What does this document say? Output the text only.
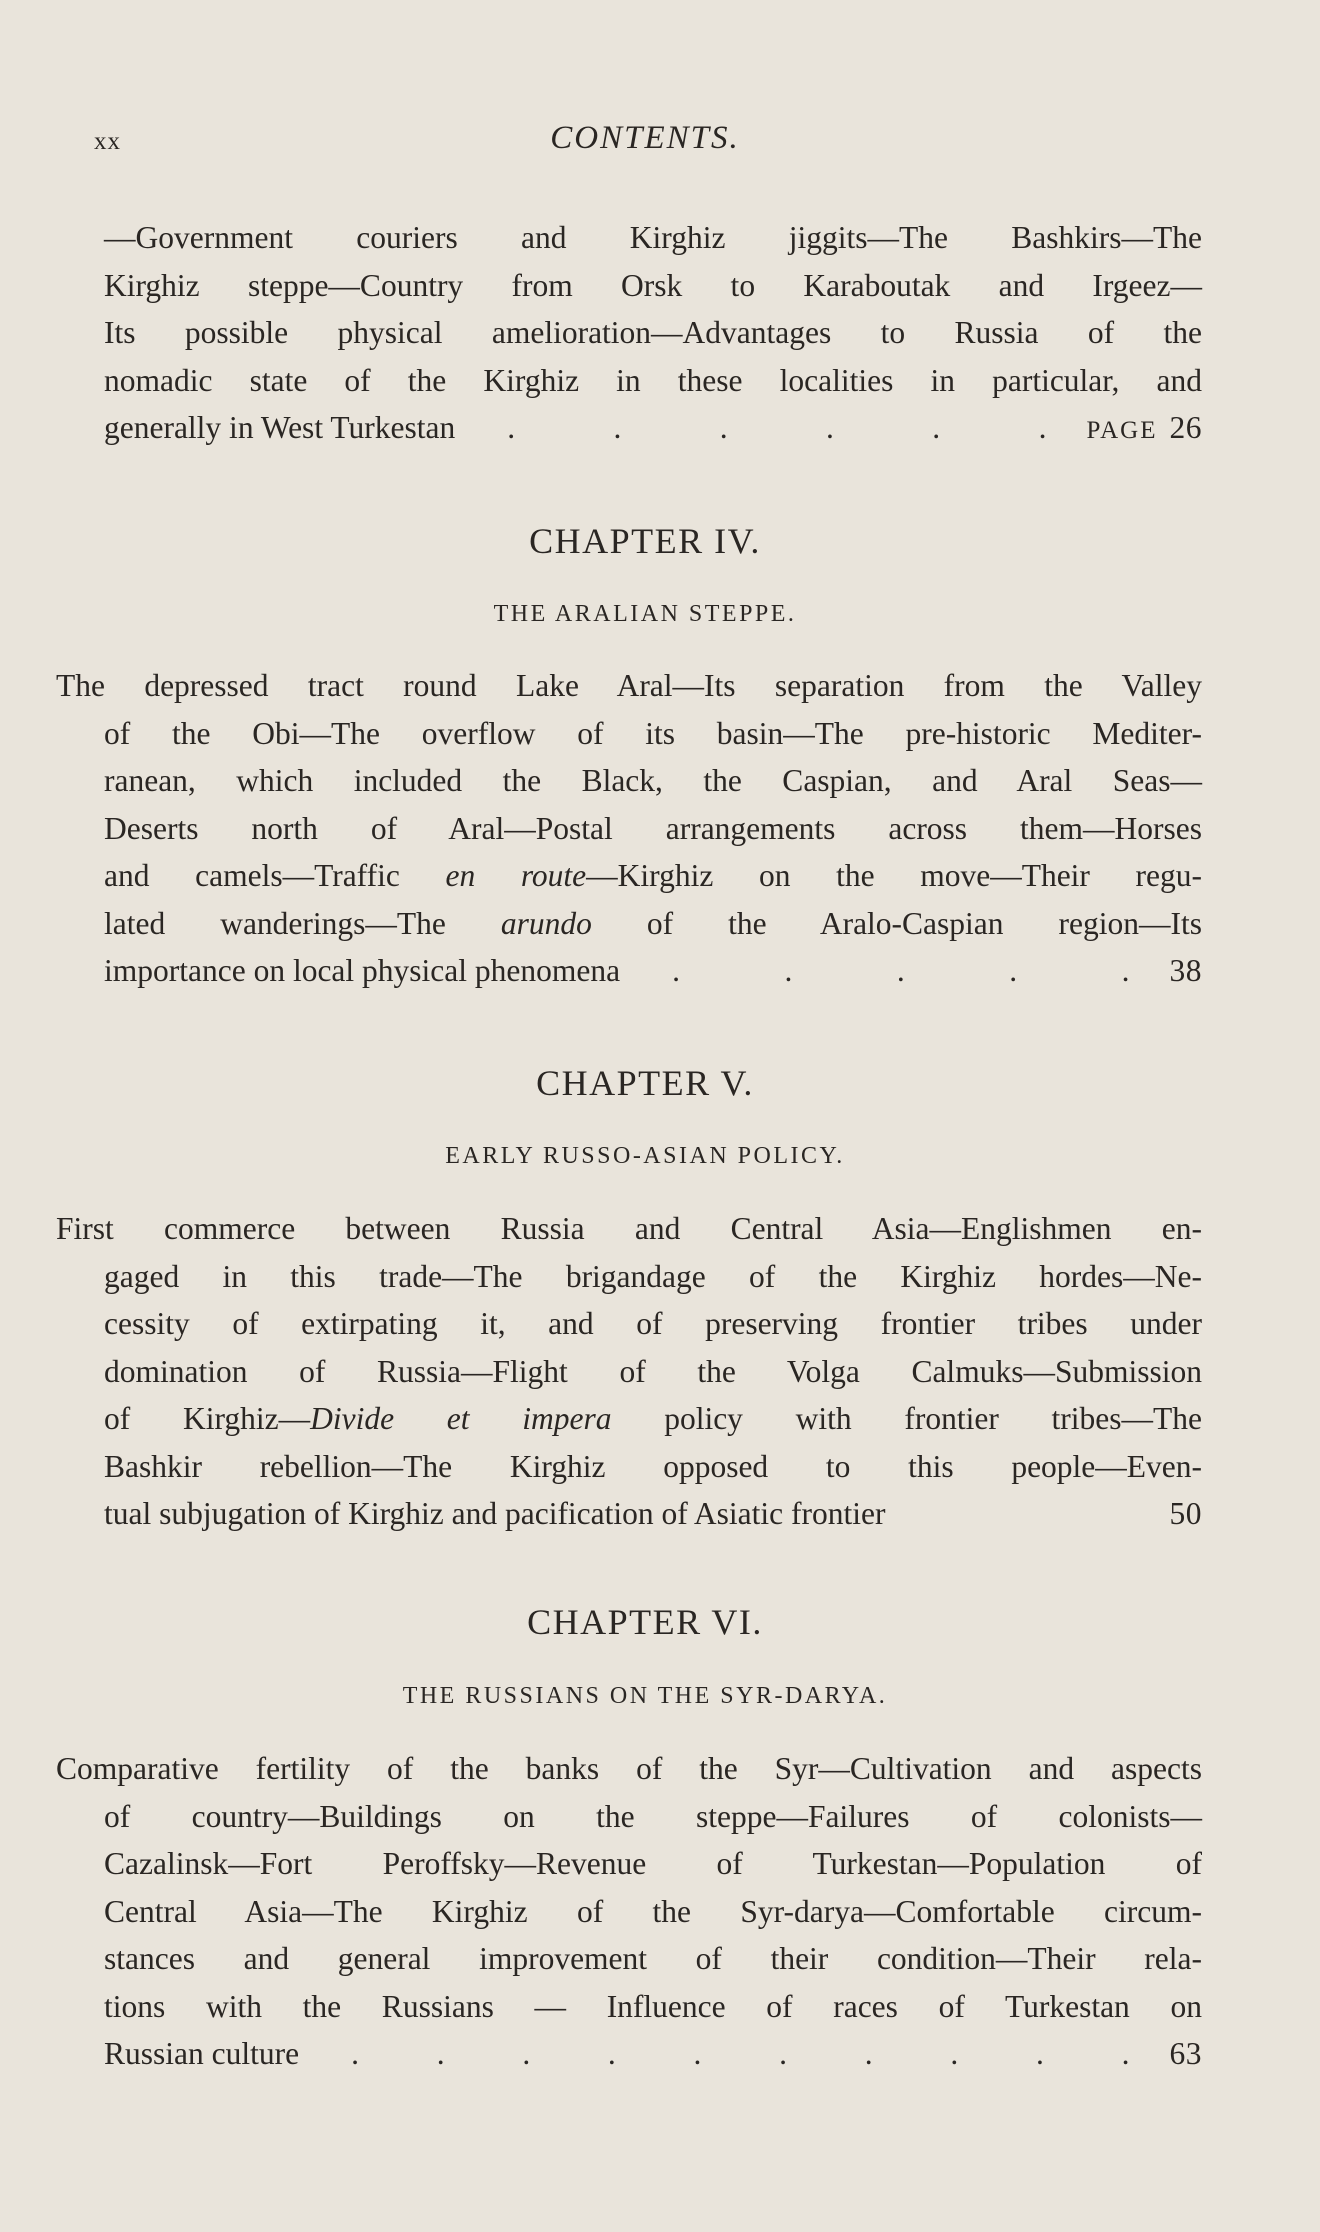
xx	CONTENTS.
—Government couriers and Kirghiz jiggits—The Bashkirs—The
Kirghiz steppe—Country from Orsk to Karaboutak and Irgeez—
Its possible physical amelioration—Advantages to Russia of the
nomadic state of the Kirghiz in these localities in particular, and
generally in West Turkestan .	.	.	.	.	. PAGE 26
CHAPTER IV.
THE ARALIAN STEPPE.
The depressed tract round Lake Aral—Its separation from the Valley
of the Obi—The overflow of its basin—The pre-historic Mediter-
ranean, which included the Black, the Caspian, and Aral Seas—
Deserts north of Aral—Postal arrangements across them—Horses
and camels—Traffic en route—Kirghiz on the move—Their regu-
lated wanderings—The arundo of the Aralo-Caspian region—Its
importance on local physical phenomena .	.	.	.	. 38
CHAPTER V.
EARLY RUSSO-ASIAN POLICY.
First commerce between Russia and Central Asia—Englishmen en-
gaged in this trade—The brigandage of the Kirghiz hordes—Ne-
cessity of extirpating it, and of preserving frontier tribes under
domination of Russia—Flight of the Volga Calmuks—Submission
of Kirghiz—Divide et impera policy with frontier tribes—The
Bashkir rebellion—The Kirghiz opposed to this people—Even-
tual subjugation of Kirghiz and pacification of Asiatic frontier	50
CHAPTER VI.
THE RUSSIANS ON THE SYR-DARYA.
Comparative fertility of the banks of the Syr—Cultivation and aspects
of country—Buildings on the steppe—Failures of colonists—
Cazalinsk—Fort Peroffsky—Revenue of Turkestan—Population of
Central Asia—The Kirghiz of the Syr-darya—Comfortable circum-
stances and general improvement of their condition—Their rela-
tions with the Russians — Influence of races of Turkestan on
Russian culture . . . . . . . . . . 63
